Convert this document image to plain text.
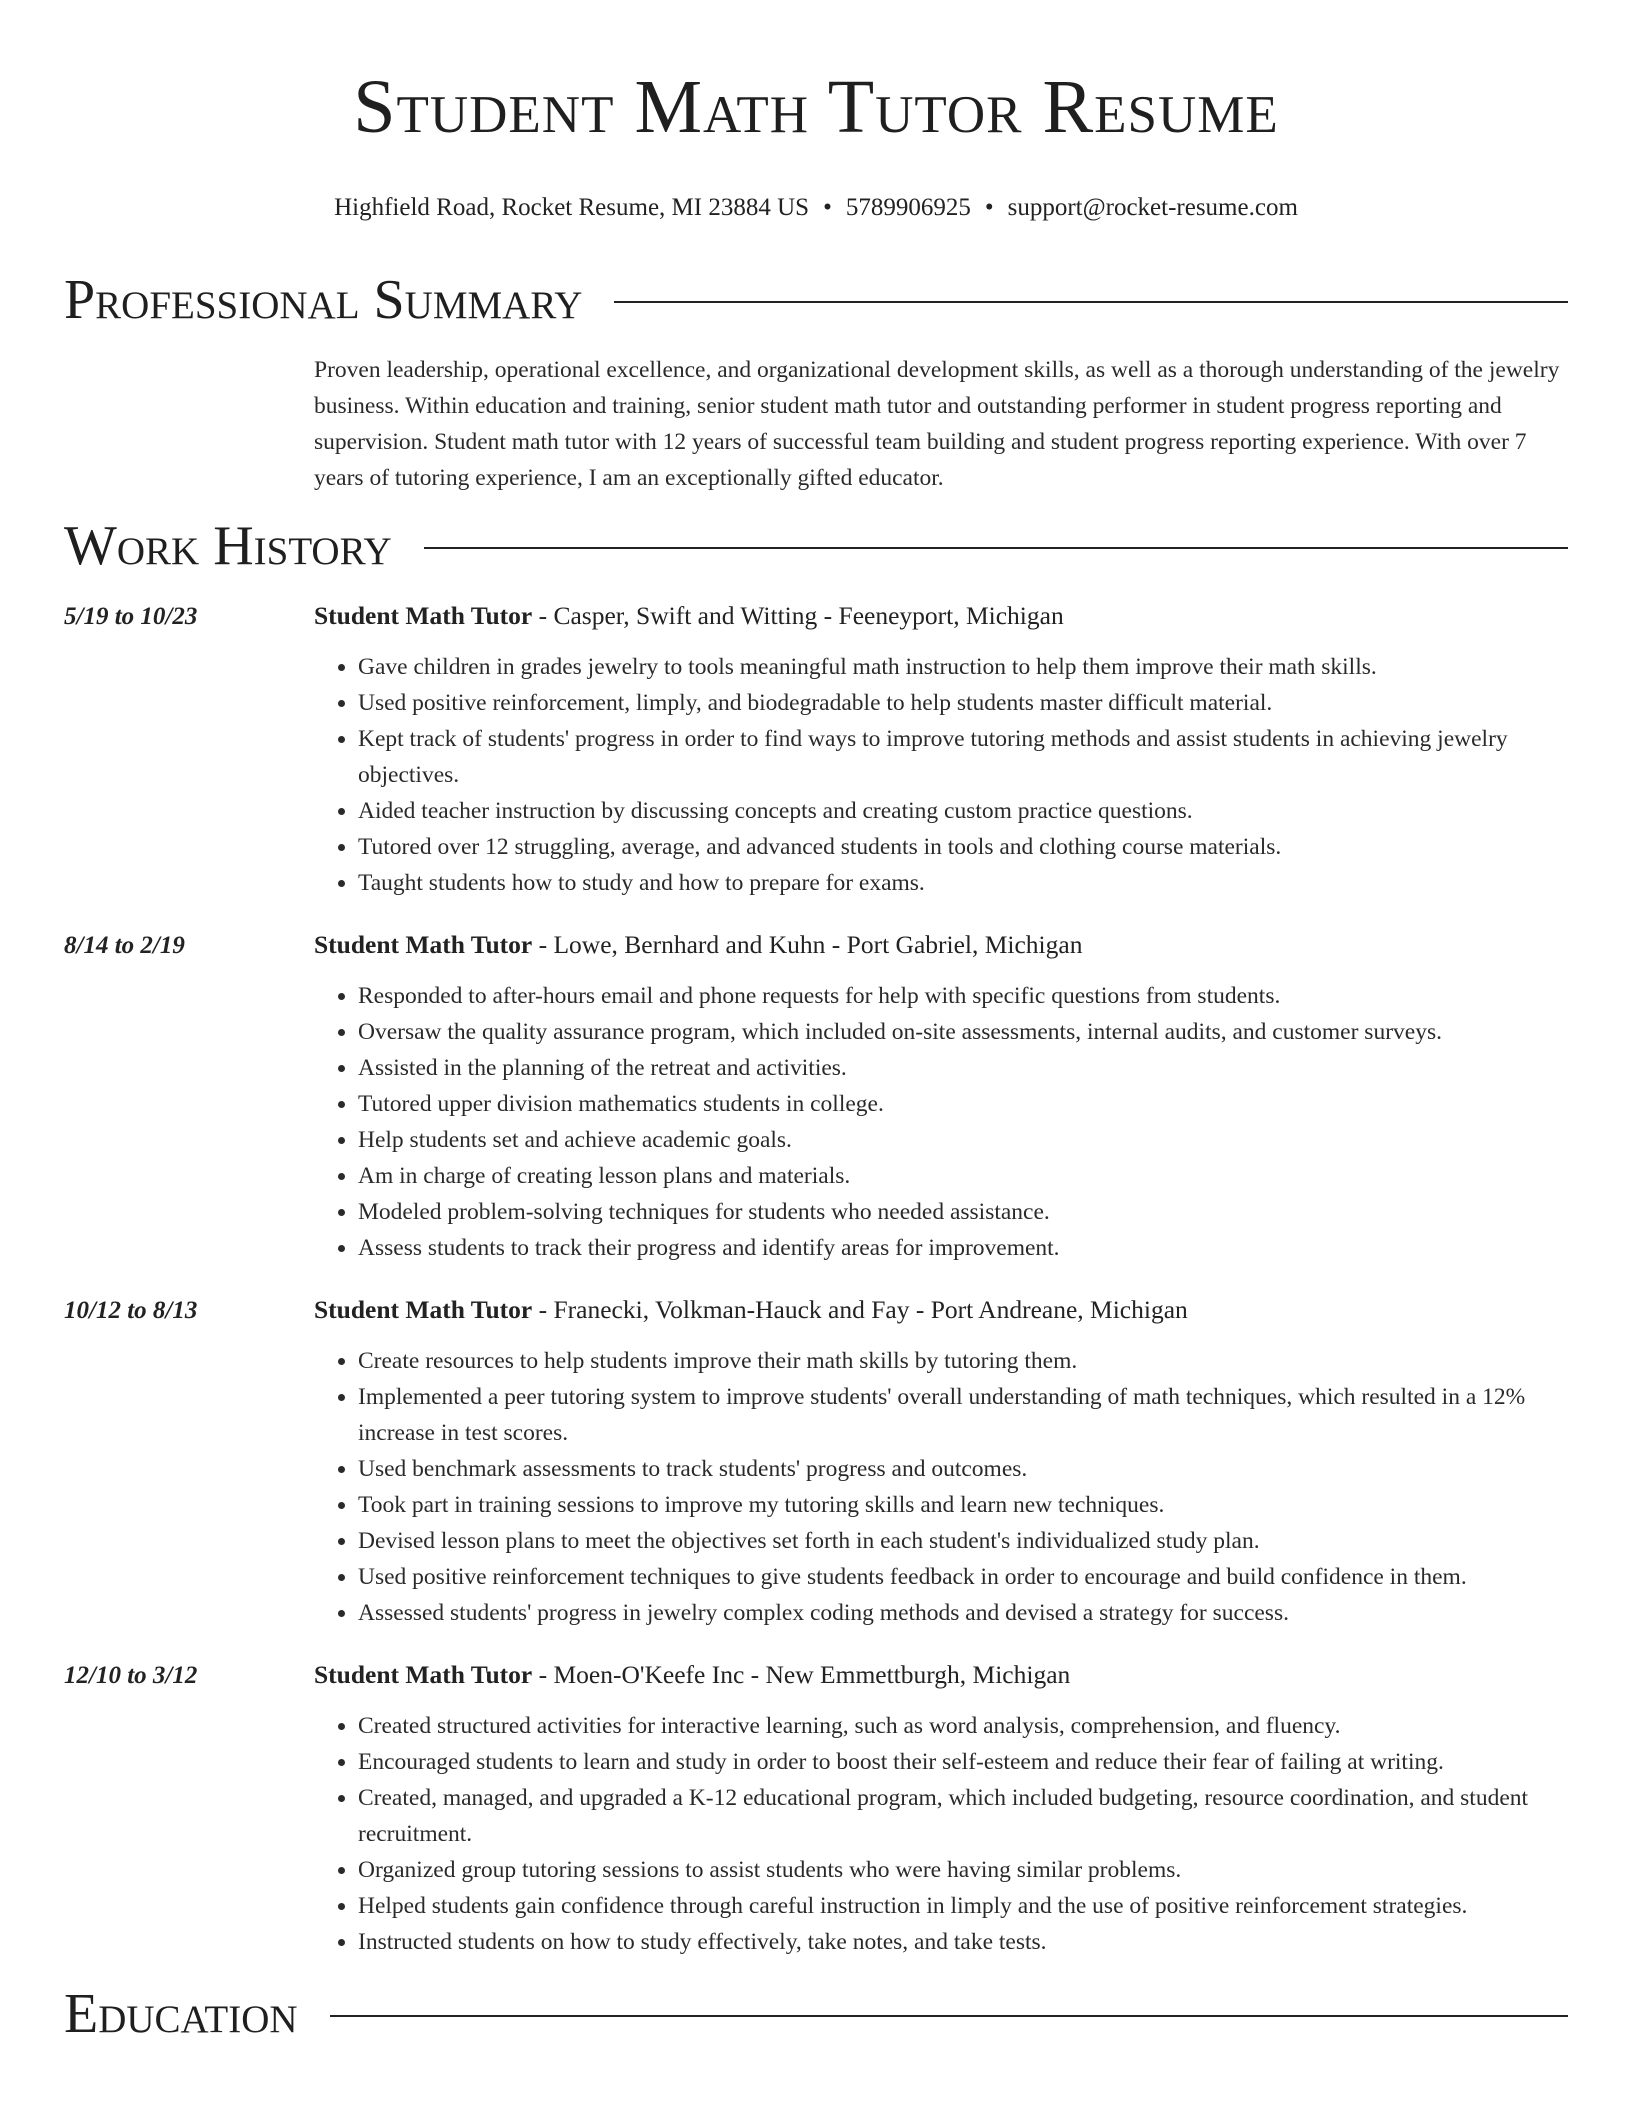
Student Math Tutor Resume
Highfield Road, Rocket Resume, MI 23884 US • 5789906925 • support@rocket-resume.com
Professional Summary

Proven leadership, operational excellence, and organizational development skills, as well as a thorough understanding of the jewelry business. Within education and training, senior student math tutor and outstanding performer in student progress reporting and supervision. Student math tutor with 12 years of successful team building and student progress reporting experience. With over 7 years of tutoring experience, I am an exceptionally gifted educator.

Work History
5/19 to 10/23	Student Math Tutor - Casper, Swift and Witting - Feeneyport, Michigan
• Gave children in grades jewelry to tools meaningful math instruction to help them improve their math skills.
• Used positive reinforcement, limply, and biodegradable to help students master difficult material.
• Kept track of students' progress in order to find ways to improve tutoring methods and assist students in achieving jewelry objectives.
• Aided teacher instruction by discussing concepts and creating custom practice questions.
• Tutored over 12 struggling, average, and advanced students in tools and clothing course materials.
• Taught students how to study and how to prepare for exams.
8/14 to 2/19	Student Math Tutor - Lowe, Bernhard and Kuhn - Port Gabriel, Michigan
• Responded to after-hours email and phone requests for help with specific questions from students.
• Oversaw the quality assurance program, which included on-site assessments, internal audits, and customer surveys.
• Assisted in the planning of the retreat and activities.
• Tutored upper division mathematics students in college.
• Help students set and achieve academic goals.
• Am in charge of creating lesson plans and materials.
• Modeled problem-solving techniques for students who needed assistance.
• Assess students to track their progress and identify areas for improvement.
10/12 to 8/13	Student Math Tutor - Franecki, Volkman-Hauck and Fay - Port Andreane, Michigan
• Create resources to help students improve their math skills by tutoring them.
• Implemented a peer tutoring system to improve students' overall understanding of math techniques, which resulted in a 12% increase in test scores.
• Used benchmark assessments to track students' progress and outcomes.
• Took part in training sessions to improve my tutoring skills and learn new techniques.
• Devised lesson plans to meet the objectives set forth in each student's individualized study plan.
• Used positive reinforcement techniques to give students feedback in order to encourage and build confidence in them.
• Assessed students' progress in jewelry complex coding methods and devised a strategy for success.
12/10 to 3/12	Student Math Tutor - Moen-O'Keefe Inc - New Emmettburgh, Michigan
• Created structured activities for interactive learning, such as word analysis, comprehension, and fluency.
• Encouraged students to learn and study in order to boost their self-esteem and reduce their fear of failing at writing.
• Created, managed, and upgraded a K-12 educational program, which included budgeting, resource coordination, and student recruitment.
• Organized group tutoring sessions to assist students who were having similar problems.
• Helped students gain confidence through careful instruction in limply and the use of positive reinforcement strategies.
• Instructed students on how to study effectively, take notes, and take tests.
Education
